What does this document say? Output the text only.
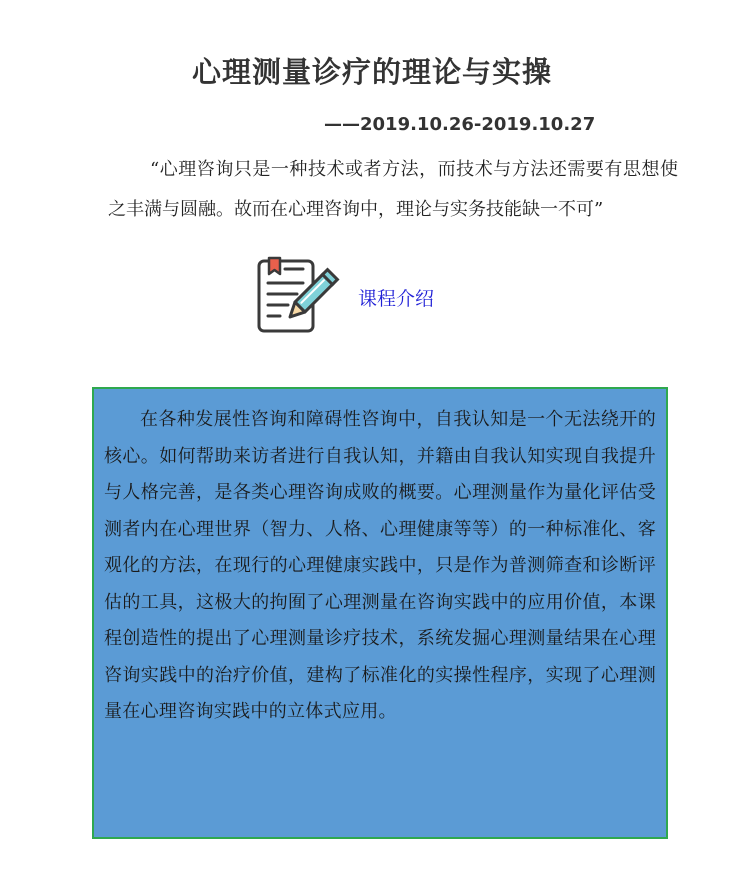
心理测量诊疗的理论与实操
——2019.10.26-2019.10.27

“心理咨询只是一种技术或者方法，而技术与方法还需要有思想使之丰满与圆融。故而在心理咨询中，理论与实务技能缺一不可”

课程介绍

在各种发展性咨询和障碍性咨询中，自我认知是一个无法绕开的核心。如何帮助来访者进行自我认知，并籍由自我认知实现自我提升与人格完善，是各类心理咨询成败的概要。心理测量作为量化评估受测者内在心理世界（智力、人格、心理健康等等）的一种标准化、客观化的方法，在现行的心理健康实践中，只是作为普测筛查和诊断评估的工具，这极大的拘囿了心理测量在咨询实践中的应用价值，本课程创造性的提出了心理测量诊疗技术，系统发掘心理测量结果在心理咨询实践中的治疗价值，建构了标准化的实操性程序，实现了心理测量在心理咨询实践中的立体式应用。
